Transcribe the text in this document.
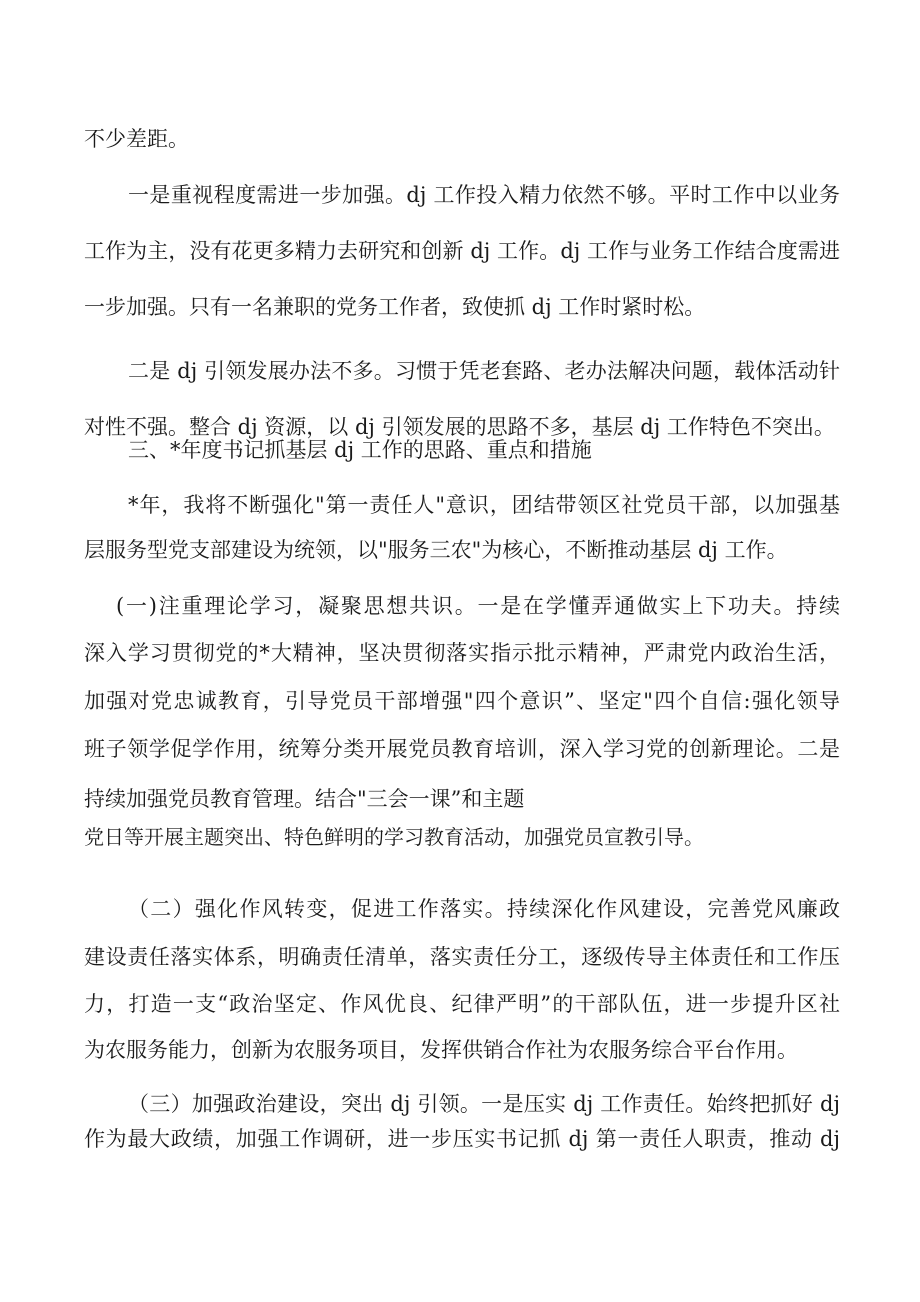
不少差距。
一是重视程度需进一步加强。dj 工作投入精力依然不够。平时工作中以业务
工作为主，没有花更多精力去研究和创新 dj 工作。dj 工作与业务工作结合度需进
一步加强。只有一名兼职的党务工作者，致使抓 dj 工作时紧时松。
二是 dj 引领发展办法不多。习惯于凭老套路、老办法解决问题，载体活动针
对性不强。整合 dj 资源，以 dj 引领发展的思路不多，基层 dj 工作特色不突出。
三、*年度书记抓基层 dj 工作的思路、重点和措施
*年，我将不断强化"第一责任人"意识，团结带领区社党员干部，以加强基
层服务型党支部建设为统领，以"服务三农"为核心，不断推动基层 dj 工作。
(一)注重理论学习，凝聚思想共识。一是在学懂弄通做实上下功夫。持续
深入学习贯彻党的*大精神，坚决贯彻落实指示批示精神，严肃党内政治生活，
加强对党忠诚教育，引导党员干部增强"四个意识”、坚定"四个自信:强化领导
班子领学促学作用，统筹分类开展党员教育培训，深入学习党的创新理论。二是
持续加强党员教育管理。结合"三会一课”和主题
党日等开展主题突出、特色鲜明的学习教育活动，加强党员宣教引导。
（二）强化作风转变，促进工作落实。持续深化作风建设，完善党风廉政
建设责任落实体系，明确责任清单，落实责任分工，逐级传导主体责任和工作压
力，打造一支“政治坚定、作风优良、纪律严明”的干部队伍，进一步提升区社
为农服务能力，创新为农服务项目，发挥供销合作社为农服务综合平台作用。
（三）加强政治建设，突出 dj 引领。一是压实 dj 工作责任。始终把抓好 dj
作为最大政绩，加强工作调研，进一步压实书记抓 dj 第一责任人职责，推动 dj
